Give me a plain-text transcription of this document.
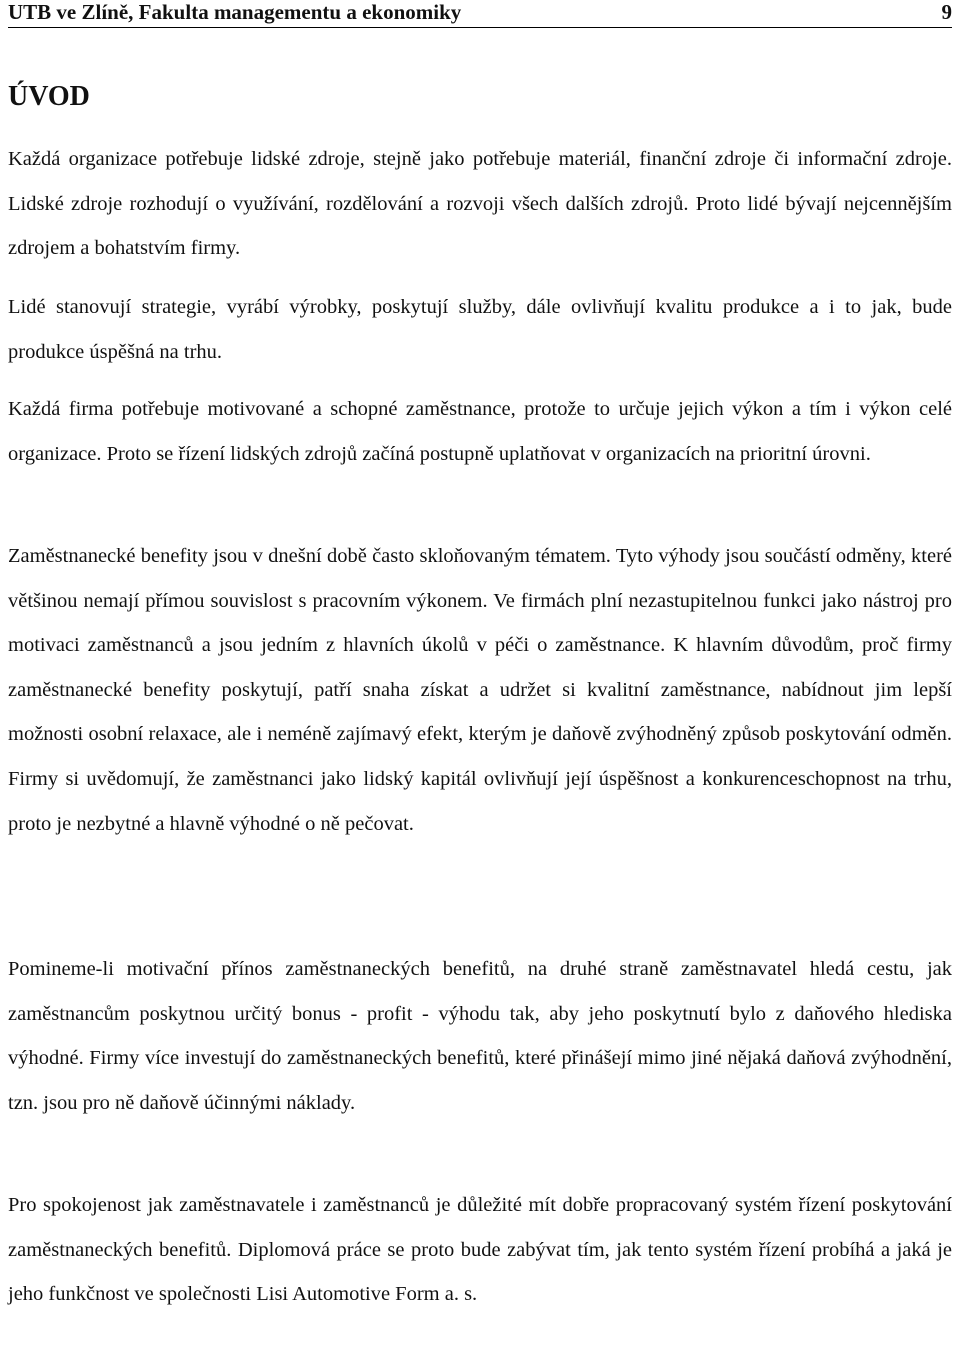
UTB ve Zlíně, Fakulta managementu a ekonomiky	9
ÚVOD

Každá organizace potřebuje lidské zdroje, stejně jako potřebuje materiál, finanční zdroje či informační zdroje. Lidské zdroje rozhodují o využívání, rozdělování a rozvoji všech dalších zdrojů. Proto lidé bývají nejcennějším zdrojem a bohatstvím firmy.

Lidé stanovují strategie, vyrábí výrobky, poskytují služby, dále ovlivňují kvalitu produkce a i to jak, bude produkce úspěšná na trhu.

Každá firma potřebuje motivované a schopné zaměstnance, protože to určuje jejich výkon a tím i výkon celé organizace. Proto se řízení lidských zdrojů začíná postupně uplatňovat v organizacích na prioritní úrovni.

Zaměstnanecké benefity jsou v dnešní době často skloňovaným tématem. Tyto výhody jsou součástí odměny, které většinou nemají přímou souvislost s pracovním výkonem. Ve firmách plní nezastupitelnou funkci jako nástroj pro motivaci zaměstnanců a jsou jedním z hlavních úkolů v péči o zaměstnance. K hlavním důvodům, proč firmy zaměstnanecké benefity poskytují, patří snaha získat a udržet si kvalitní zaměstnance, nabídnout jim lepší možnosti osobní relaxace, ale i neméně zajímavý efekt, kterým je daňově zvýhodněný způsob poskytování odměn. Firmy si uvědomují, že zaměstnanci jako lidský kapitál ovlivňují její úspěšnost a konkurenceschopnost na trhu, proto je nezbytné a hlavně výhodné o ně pečovat.

Pomineme-li motivační přínos zaměstnaneckých benefitů, na druhé straně zaměstnavatel hledá cestu, jak zaměstnancům poskytnou určitý bonus - profit - výhodu tak, aby jeho poskytnutí bylo z daňového hlediska výhodné. Firmy více investují do zaměstnaneckých benefitů, které přinášejí mimo jiné nějaká daňová zvýhodnění, tzn. jsou pro ně daňově účinnými náklady.

Pro spokojenost jak zaměstnavatele i zaměstnanců je důležité mít dobře propracovaný systém řízení poskytování zaměstnaneckých benefitů. Diplomová práce se proto bude zabývat tím, jak tento systém řízení probíhá a jaká je jeho funkčnost ve společnosti Lisi Automotive Form a. s.
